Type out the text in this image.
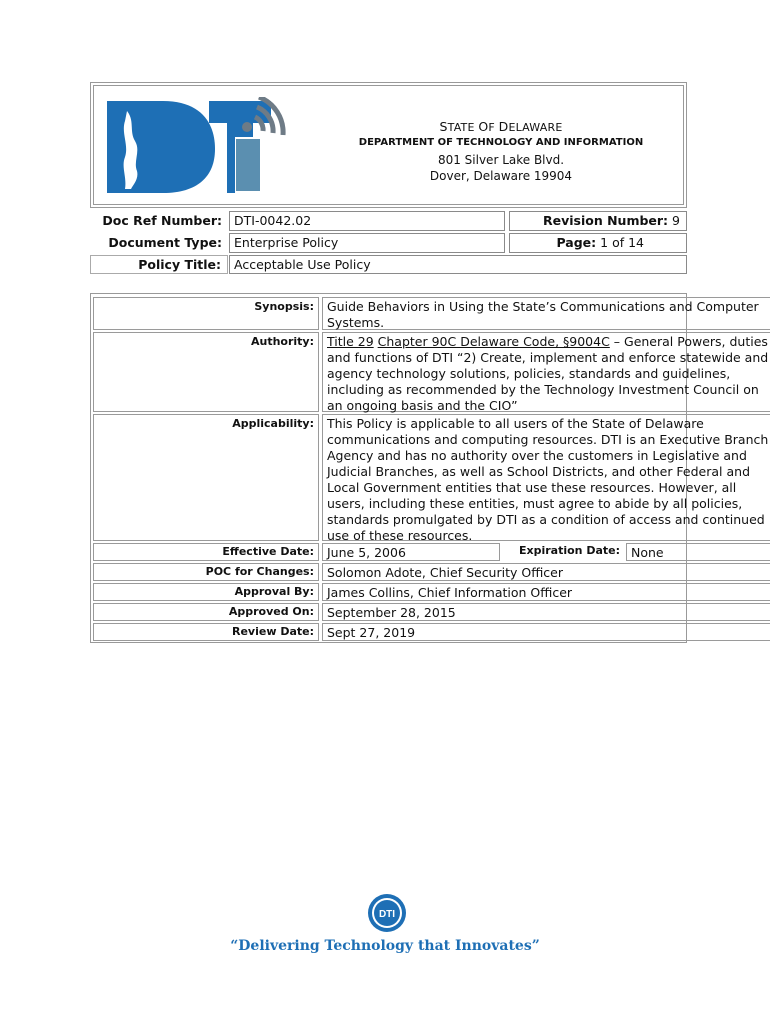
STATE OF DELAWARE
DEPARTMENT OF TECHNOLOGY AND INFORMATION
801 Silver Lake Blvd.
Dover, Delaware 19904
Doc Ref Number: DTI-0042.02	Revision Number: 9
Document Type: Enterprise Policy	Page: 1 of 14
Policy Title:	Acceptable Use Policy
Synopsis:	Guide Behaviors in Using the State’s Communications and Computer Systems.
Authority:	Title 29 Chapter 90C Delaware Code, §9004C – General Powers, duties and functions of DTI “2) Create, implement and enforce statewide and agency technology solutions, policies, standards and guidelines, including as recommended by the Technology Investment Council on an ongoing basis and the CIO”
Applicability:	This Policy is applicable to all users of the State of Delaware communications and computing resources. DTI is an Executive Branch Agency and has no authority over the customers in Legislative and Judicial Branches, as well as School Districts, and other Federal and Local Government entities that use these resources. However, all users, including these entities, must agree to abide by all policies, standards promulgated by DTI as a condition of access and continued use of these resources.
Effective Date:	June 5, 2006	Expiration Date: None
POC for Changes:	Solomon Adote, Chief Security Officer
Approval By:	James Collins, Chief Information Officer
Approved On:	September 28, 2015
Review Date:	Sept 27, 2019
DTI
“Delivering Technology that Innovates”
